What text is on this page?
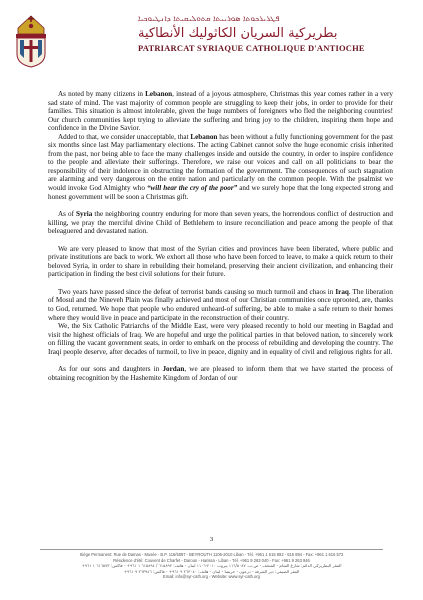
ܦܛܪܝܪܟܘܬܐ ܣܘܪܝܝܬܐ ܩܬܘܠܝܩܝܬܐ ܕܐܢܛܝܘܟܝܐ
بطريركية السريان الكاثوليك الأنطاكية
PATRIARCAT SYRIAQUE CATHOLIQUE D'ANTIOCHE

As noted by many citizens in Lebanon, instead of a joyous atmosphere, Christmas this year comes rather in a very sad state of mind. The vast majority of common people are struggling to keep their jobs, in order to provide for their families. This situation is almost intolerable, given the huge numbers of foreigners who fled the neighboring countries! Our church communities kept trying to alleviate the suffering and bring joy to the children, inspiring them hope and confidence in the Divine Savior.

Added to that, we consider unacceptable, that Lebanon has been without a fully functioning government for the past six months since last May parliamentary elections. The acting Cabinet cannot solve the huge economic crisis inherited from the past, nor being able to face the many challenges inside and outside the country, in order to inspire confidence to the people and alleviate their sufferings. Therefore, we raise our voices and call on all politicians to bear the responsibility of their indolence in obstructing the formation of the government. The consequences of such stagnation are alarming and very dangerous on the entire nation and particularly on the common people. With the psalmist we would invoke God Almighty who “will hear the cry of the poor” and we surely hope that the long expected strong and honest government will be soon a Christmas gift.

As of Syria the neighboring country enduring for more than seven years, the horrendous conflict of destruction and killing, we pray the merciful divine Child of Bethlehem to insure reconciliation and peace among the people of that beleaguered and devastated nation.

We are very pleased to know that most of the Syrian cities and provinces have been liberated, where public and private institutions are back to work. We exhort all those who have been forced to leave, to make a quick return to their beloved Syria, in order to share in rebuilding their homeland, preserving their ancient civilization, and enhancing their participation in finding the best civil solutions for their future.

Two years have passed since the defeat of terrorist bands causing so much turmoil and chaos in Iraq. The liberation of Mosul and the Nineveh Plain was finally achieved and most of our Christian communities once uprooted, are, thanks to God, returned. We hope that people who endured unheard-of suffering, be able to make a safe return to their homes where they would live in peace and participate in the reconstruction of their country.

We, the Six Catholic Patriarchs of the Middle East, were very pleased recently to hold our meeting in Bagdad and visit the highest officials of Iraq. We are hopeful and urge the political parties in that beloved nation, to sincerely work on filling the vacant government seats, in order to embark on the process of rebuilding and developing the country. The Iraqi people deserve, after decades of turmoil, to live in peace, dignity and in equality of civil and religious rights for all.

As for our sons and daughters in Jordan, we are pleased to inform them that we have started the process of obtaining recognition by the Hashemite Kingdom of Jordan of our

3
Siège Permanent: Rue de Damas - Musée - B.P. 116/5087 - BEYROUTH 1106-2010 Liban - Tél. +961 1 615 892 - 615 894 - Fax: +961 1 616 573
Résidence d'été: Couvent de Charfet - Daroun - Harissa - Liban - Tél. +961 9 263 040 - Fax: +961 9 263 946
المقر البطريركي الدائم: شارع الشام - المتحف - ص.ب. ١١٦/٥٠٨٧ بيروت ٢٠١٠-١١٠٦ لبنان - هاتف: ٦١٥٨٩٢ / ٦١٥٨٩٤ ١ ٩٦١+ - فاكس: ٦١٦٥٧٣ ١ ٩٦١+
المقر الصيفي: دير الشرفة - درعون - حريصا - لبنان - هاتف: ٢٦٣٠٤٠ ٩ ٩٦١+ - فاكس: ٢٦٣٩٤٦ ٩ ٩٦١+
Email: info@syr-cath.org - Website: www.syr-cath.org
